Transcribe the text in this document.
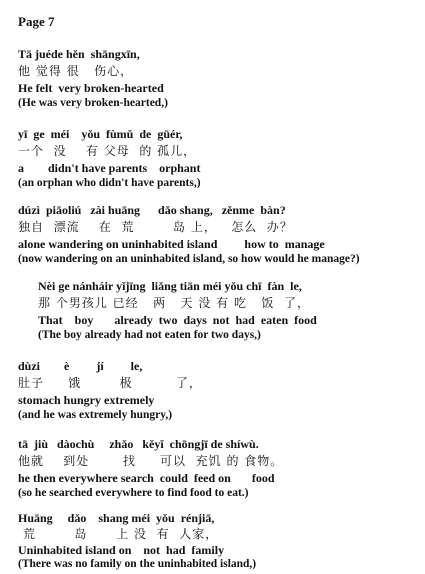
Page 7
Tā juéde hěn  shāngxīn,
他 觉得 很   伤心，
He felt  very broken-hearted
(He was very broken-hearted,)
yī  ge  méi    yǒu  fùmǔ  de  gūér,
一个  没    有 父母  的 孤儿，
a        didn't have parents    orphant
(an orphan who didn't have parents,)
dúzì  piāoliú   zài huāng      dǎo shang,   zěnme  bàn?
独自  漂流    在  荒        岛 上，   怎么  办？
alone wandering on uninhabited island         how to  manage
(now wandering on an uninhabited island, so how would he manage?)
Nèi ge nánháir yǐjīng  liǎng tiān méi yǒu chī  fàn  le,
那 个男孩儿 已经   两   天 没 有 吃   饭  了，
That    boy       already  two  days  not  had  eaten  food
(The boy already had not eaten for two days,)
dùzi        è         jí         le,
肚子     饿        极         了，
stomach hungry extremely
(and he was extremely hungry,)
tā  jiù   dàochù     zhǎo   kěyǐ  chōngjī de shíwù.
他就    到处       找     可以  充饥 的 食物。
he then everywhere search  could  feed on       food
(so he searched everywhere to find food to eat.)
Huāng     dǎo    shang méi  yǒu  rénjiā,
荒        岛      上 没  有  人家，
Uninhabited island on    not  had  family
(There was no family on the uninhabited island,)
